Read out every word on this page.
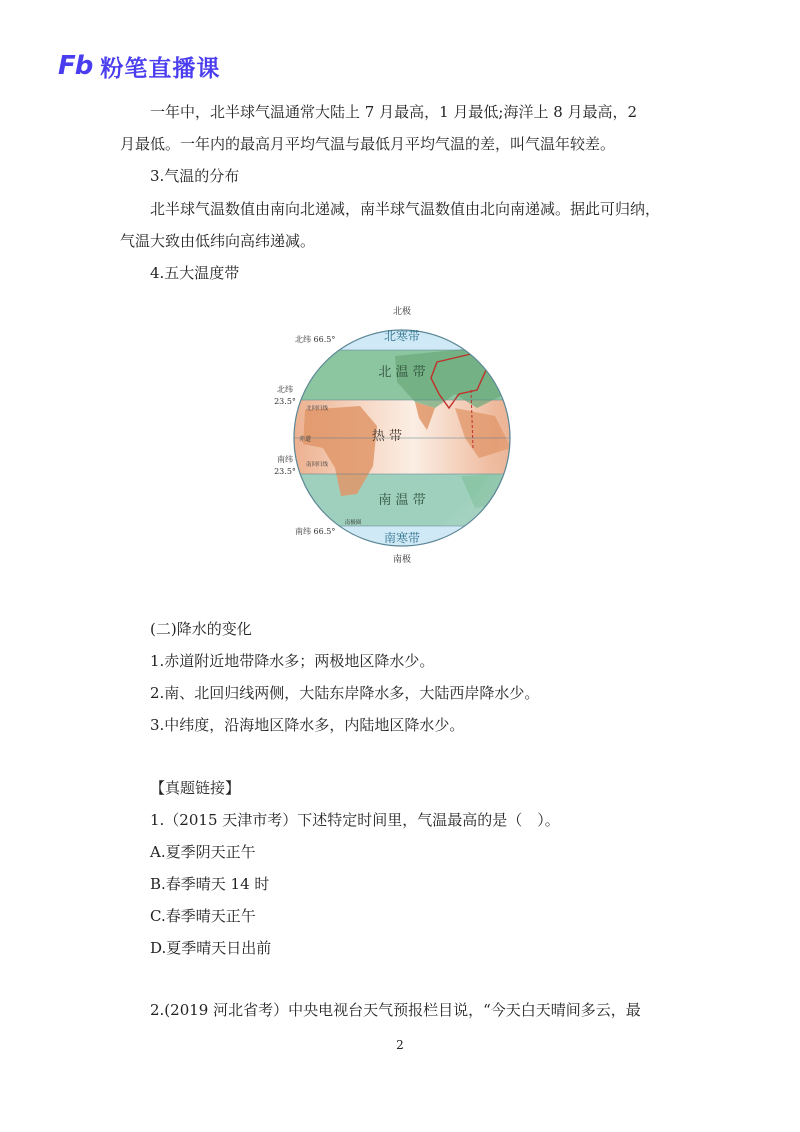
Fb 粉笔直播课
一年中，北半球气温通常大陆上 7 月最高，1 月最低;海洋上 8 月最高，2
月最低。一年内的最高月平均气温与最低月平均气温的差，叫气温年较差。
3.气温的分布
北半球气温数值由南向北递减，南半球气温数值由北向南递减。据此可归纳，
气温大致由低纬向高纬递减。
4.五大温度带
北极
北纬 66.5°
北纬
23.5°
北回归线
赤道
南纬
23.5°
南回归线
南极圈
南纬 66.5°
南极
北寒带
北 温 带
热 带
南 温 带
南寒带
(二)降水的变化
1.赤道附近地带降水多；两极地区降水少。
2.南、北回归线两侧，大陆东岸降水多，大陆西岸降水少。
3.中纬度，沿海地区降水多，内陆地区降水少。
【真题链接】
1.（2015 天津市考）下述特定时间里，气温最高的是（　）。
A.夏季阴天正午
B.春季晴天 14 时
C.春季晴天正午
D.夏季晴天日出前
2.(2019 河北省考）中央电视台天气预报栏目说，“今天白天晴间多云，最
2
